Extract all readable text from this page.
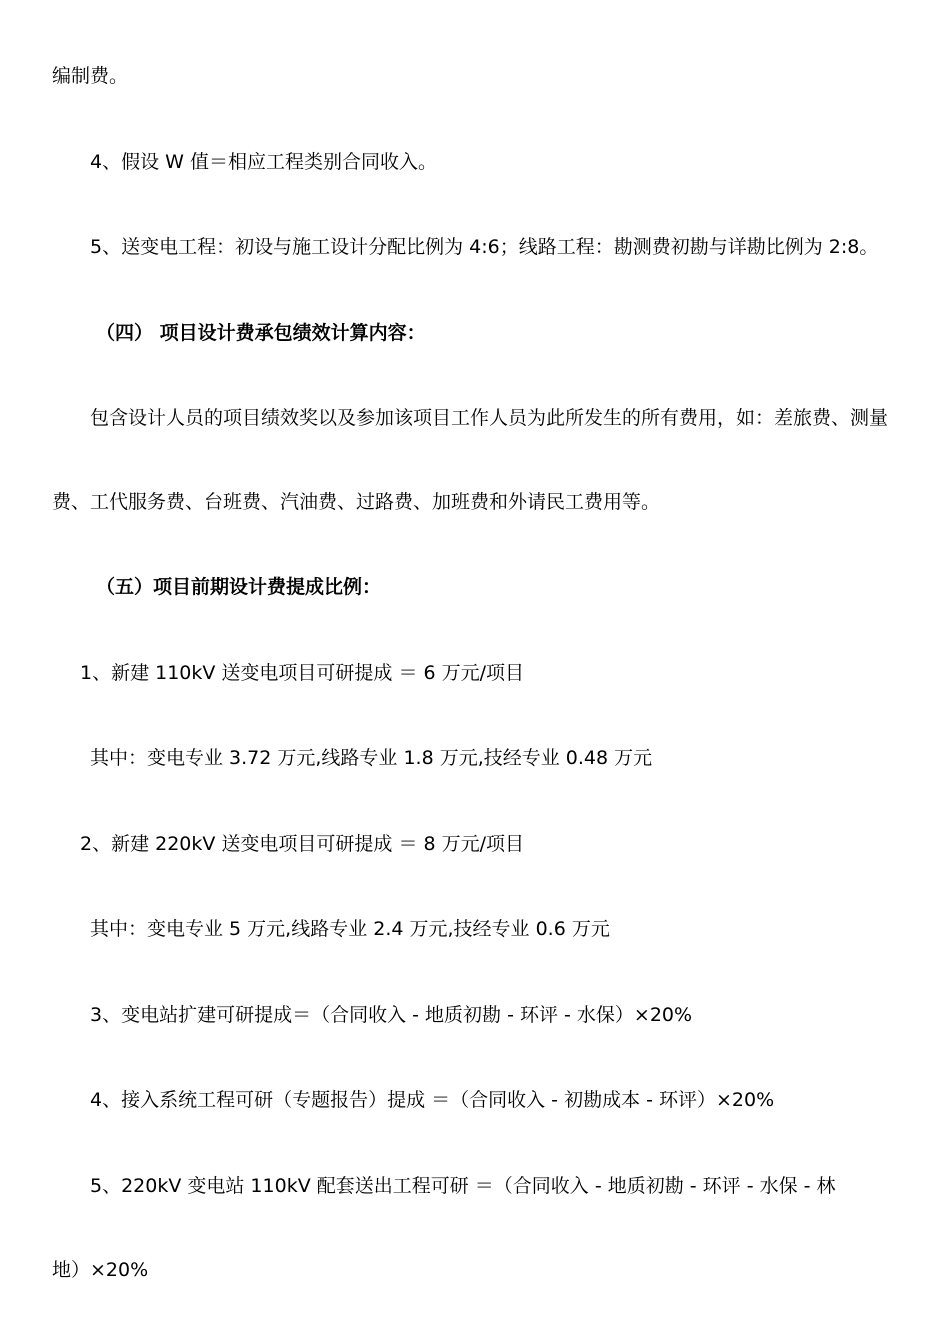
编制费。
4、假设 W 值＝相应工程类别合同收入。
5、送变电工程：初设与施工设计分配比例为 4:6；线路工程：勘测费初勘与详勘比例为 2:8。
（四） 项目设计费承包绩效计算内容：
包含设计人员的项目绩效奖以及参加该项目工作人员为此所发生的所有费用，如：差旅费、测量
费、工代服务费、台班费、汽油费、过路费、加班费和外请民工费用等。
（五）项目前期设计费提成比例：
1、新建 110kV 送变电项目可研提成 ＝ 6 万元/项目
其中：变电专业 3.72 万元,线路专业 1.8 万元,技经专业 0.48 万元
2、新建 220kV 送变电项目可研提成 ＝ 8 万元/项目
其中：变电专业 5 万元,线路专业 2.4 万元,技经专业 0.6 万元
3、变电站扩建可研提成＝（合同收入 - 地质初勘 - 环评 - 水保）×20%
4、接入系统工程可研（专题报告）提成 ＝（合同收入 - 初勘成本 - 环评）×20%
5、220kV 变电站 110kV 配套送出工程可研 ＝（合同收入 - 地质初勘 - 环评 - 水保 - 林
地）×20%
